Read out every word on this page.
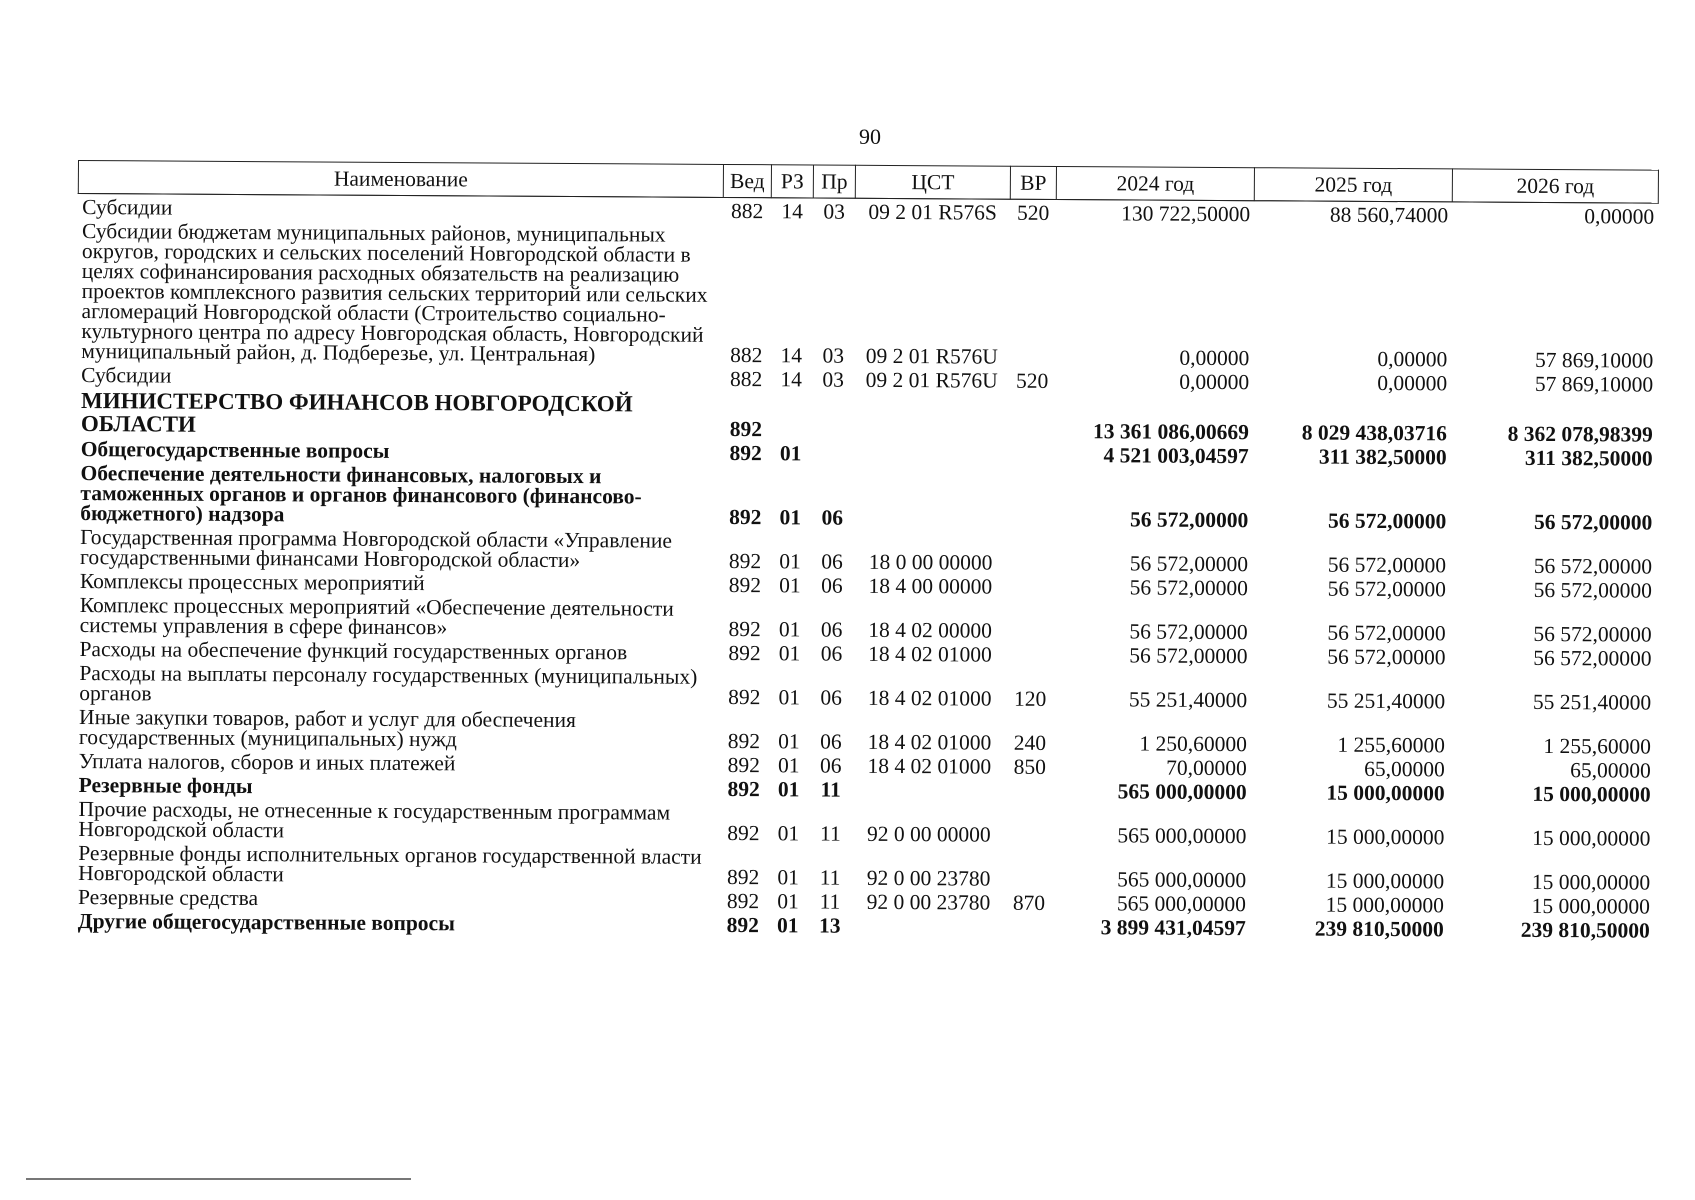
90
Наименование	Вед	РЗ	Пр	ЦСТ	ВР	2024 год	2025 год	2026 год
Субсидии	882	14	03	09 2 01 R576S	520	130 722,50000	88 560,74000	0,00000
Субсидии бюджетам муниципальных районов, муниципальных округов, городских и сельских поселений Новгородской области в целях софинансирования расходных обязательств на реализацию проектов комплексного развития сельских территорий или сельских агломераций Новгородской области (Строительство социально-культурного центра по адресу Новгородская область, Новгородский муниципальный район, д. Подберезье, ул. Центральная)	882	14	03	09 2 01 R576U		0,00000	0,00000	57 869,10000
Субсидии	882	14	03	09 2 01 R576U	520	0,00000	0,00000	57 869,10000
МИНИСТЕРСТВО ФИНАНСОВ НОВГОРОДСКОЙ ОБЛАСТИ	892					13 361 086,00669	8 029 438,03716	8 362 078,98399
Общегосударственные вопросы	892	01				4 521 003,04597	311 382,50000	311 382,50000
Обеспечение деятельности финансовых, налоговых и таможенных органов и органов финансового (финансово-бюджетного) надзора	892	01	06			56 572,00000	56 572,00000	56 572,00000
Государственная программа Новгородской области «Управление государственными финансами Новгородской области»	892	01	06	18 0 00 00000		56 572,00000	56 572,00000	56 572,00000
Комплексы процессных мероприятий	892	01	06	18 4 00 00000		56 572,00000	56 572,00000	56 572,00000
Комплекс процессных мероприятий «Обеспечение деятельности системы управления в сфере финансов»	892	01	06	18 4 02 00000		56 572,00000	56 572,00000	56 572,00000
Расходы на обеспечение функций государственных органов	892	01	06	18 4 02 01000		56 572,00000	56 572,00000	56 572,00000
Расходы на выплаты персоналу государственных (муниципальных) органов	892	01	06	18 4 02 01000	120	55 251,40000	55 251,40000	55 251,40000
Иные закупки товаров, работ и услуг для обеспечения государственных (муниципальных) нужд	892	01	06	18 4 02 01000	240	1 250,60000	1 255,60000	1 255,60000
Уплата налогов, сборов и иных платежей	892	01	06	18 4 02 01000	850	70,00000	65,00000	65,00000
Резервные фонды	892	01	11			565 000,00000	15 000,00000	15 000,00000
Прочие расходы, не отнесенные к государственным программам Новгородской области	892	01	11	92 0 00 00000		565 000,00000	15 000,00000	15 000,00000
Резервные фонды исполнительных органов государственной власти Новгородской области	892	01	11	92 0 00 23780		565 000,00000	15 000,00000	15 000,00000
Резервные средства	892	01	11	92 0 00 23780	870	565 000,00000	15 000,00000	15 000,00000
Другие общегосударственные вопросы	892	01	13			3 899 431,04597	239 810,50000	239 810,50000
